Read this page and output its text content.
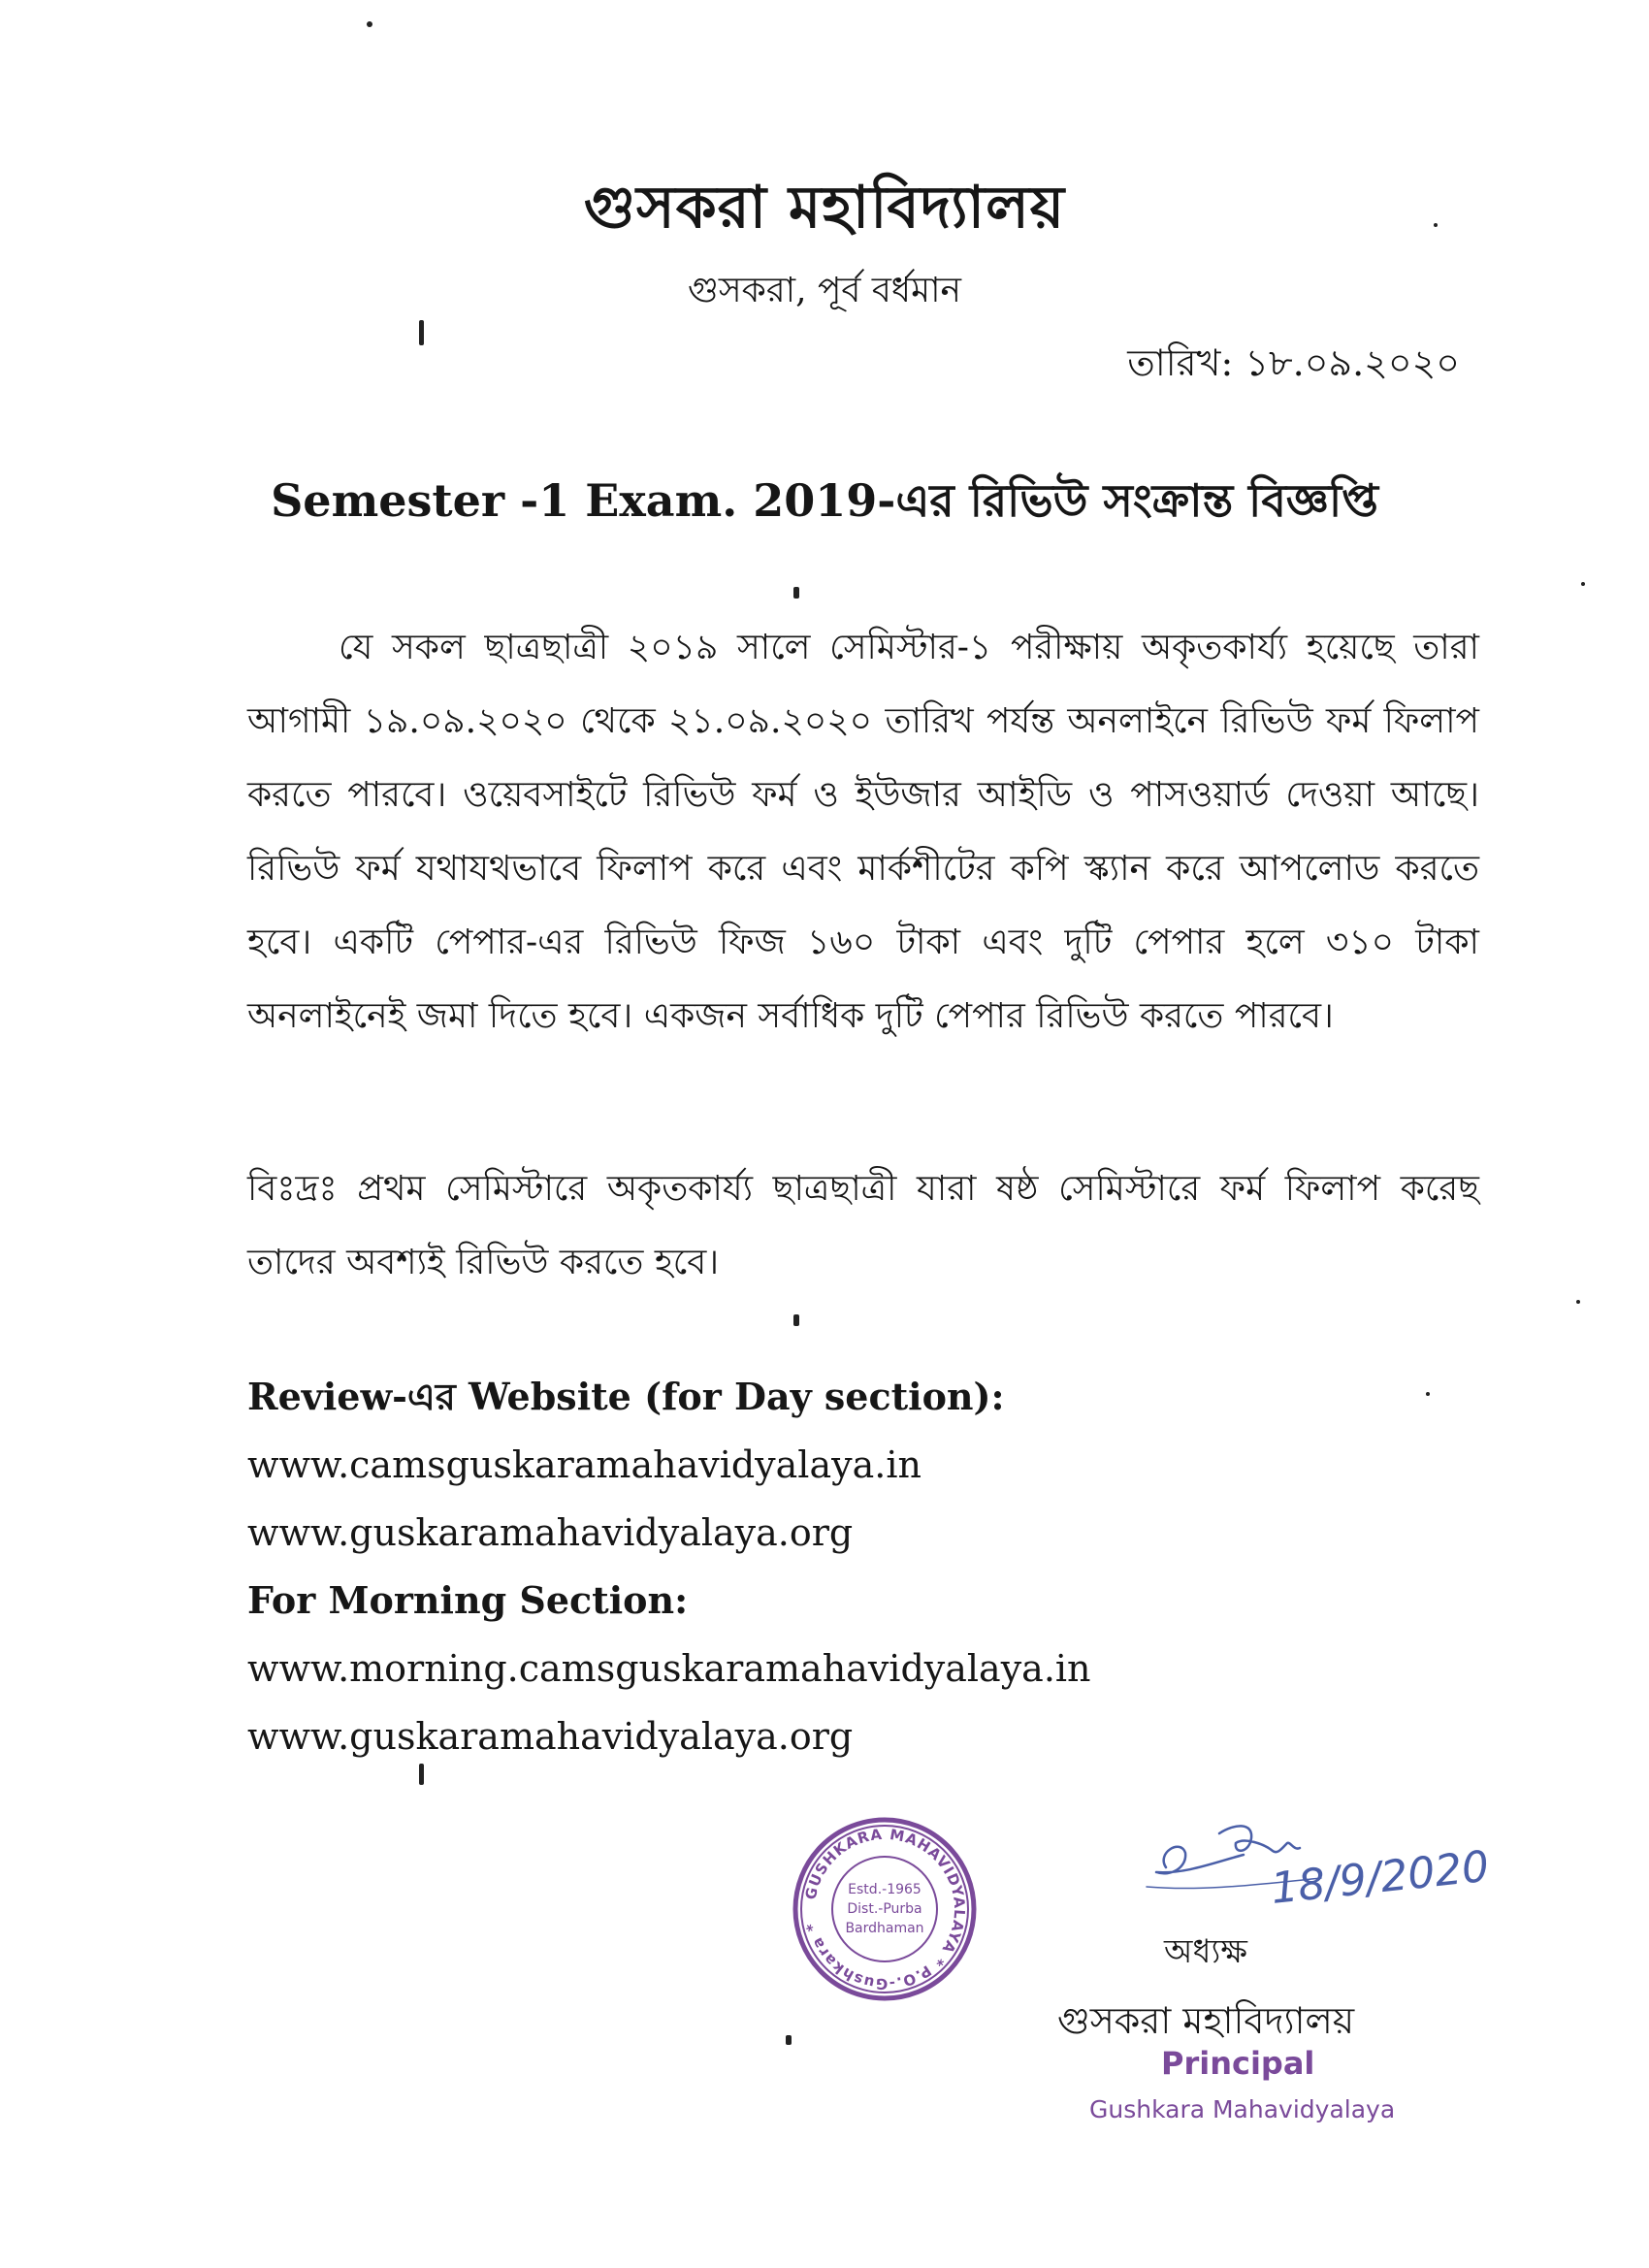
গুসকরা মহাবিদ্যালয়
গুসকরা, পূর্ব বর্ধমান
তারিখ: ১৮.০৯.২০২০
Semester -1 Exam. 2019-এর রিভিউ সংক্রান্ত বিজ্ঞপ্তি
যে সকল ছাত্রছাত্রী ২০১৯ সালে সেমিস্টার-১ পরীক্ষায় অকৃতকার্য্য হয়েছে তারা আগামী ১৯.০৯.২০২০ থেকে ২১.০৯.২০২০ তারিখ পর্যন্ত অনলাইনে রিভিউ ফর্ম ফিলাপ করতে পারবে। ওয়েবসাইটে রিভিউ ফর্ম ও ইউজার আইডি ও পাসওয়ার্ড দেওয়া আছে। রিভিউ ফর্ম যথাযথভাবে ফিলাপ করে এবং মার্কশীটের কপি স্ক্যান করে আপলোড করতে হবে। একটি পেপার-এর রিভিউ ফিজ ১৬০ টাকা এবং দুটি পেপার হলে ৩১০ টাকা অনলাইনেই জমা দিতে হবে। একজন সর্বাধিক দুটি পেপার রিভিউ করতে পারবে।
বিঃদ্রঃ প্রথম সেমিস্টারে অকৃতকার্য্য ছাত্রছাত্রী যারা ষষ্ঠ সেমিস্টারে ফর্ম ফিলাপ করেছ তাদের অবশ্যই রিভিউ করতে হবে।
Review-এর Website (for Day section):
www.camsguskaramahavidyalaya.in
www.guskaramahavidyalaya.org
For Morning Section:
www.morning.camsguskaramahavidyalaya.in
www.guskaramahavidyalaya.org
GUSHKARA MAHAVIDYALAYA * P.O.-Gushkara *
Estd.-1965
Dist.-Purba
Bardhaman
18/9/2020
অধ্যক্ষ
গুসকরা মহাবিদ্যালয়
Principal
Gushkara Mahavidyalaya
